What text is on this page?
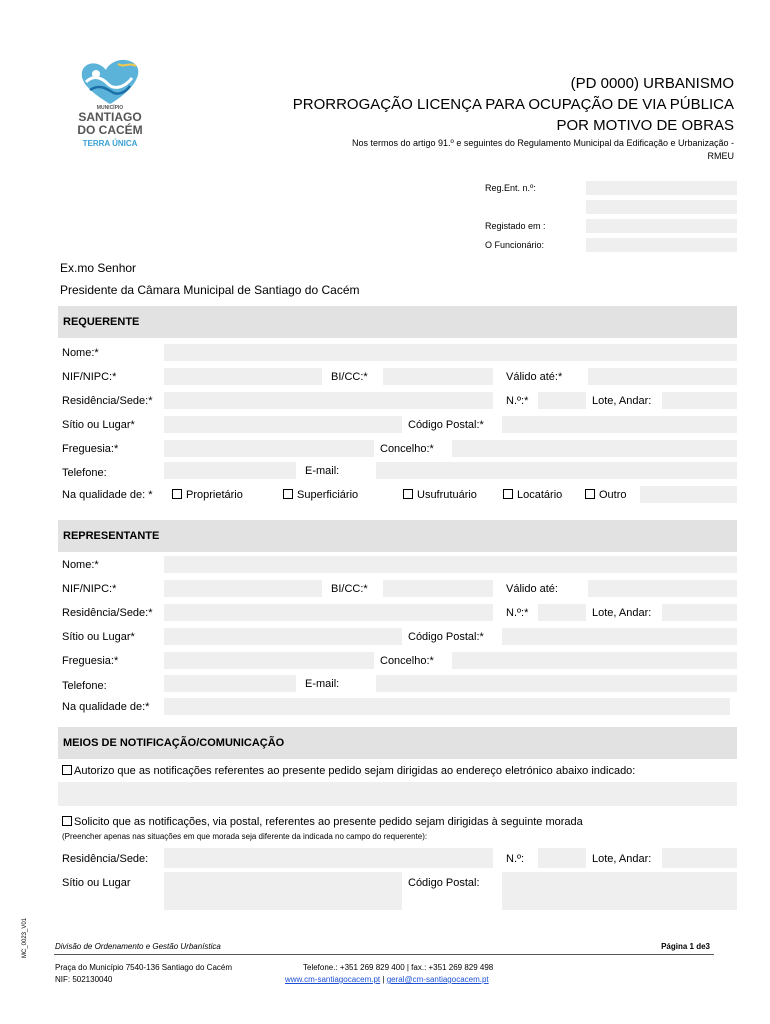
MUNICÍPIO
SANTIAGO
DO CACÉM
TERRA ÚNICA
(PD 0000) URBANISMO
PRORROGAÇÃO LICENÇA PARA OCUPAÇÃO DE VIA PÚBLICA
POR MOTIVO DE OBRAS
Nos termos do artigo 91.º e seguintes do Regulamento Municipal da Edificação e Urbanização -
RMEU
Reg.Ent. n.º:
Registado em :
O Funcionário:
Ex.mo Senhor
Presidente da Câmara Municipal de Santiago do Cacém
REQUERENTE
Nome:*
NIF/NIPC:*	BI/CC:*	Válido até:*
Residência/Sede:*	N.º:*	Lote, Andar:
Sítio ou Lugar*	Código Postal:*
Freguesia:*	Concelho:*
Telefone:	E-mail:
Na qualidade de: *	Proprietário	Superficiário	Usufrutuário	Locatário	Outro
REPRESENTANTE
Nome:*
NIF/NIPC:*	BI/CC:*	Válido até:
Residência/Sede:*	N.º:*	Lote, Andar:
Sítio ou Lugar*	Código Postal:*
Freguesia:*	Concelho:*
Telefone:	E-mail:
Na qualidade de:*
MEIOS DE NOTIFICAÇÃO/COMUNICAÇÃO
Autorizo que as notificações referentes ao presente pedido sejam dirigidas ao endereço eletrónico abaixo indicado:
Solicito que as notificações, via postal, referentes ao presente pedido sejam dirigidas à seguinte morada
(Preencher apenas nas situações em que morada seja diferente da indicada no campo do requerente):
Residência/Sede:	N.º:	Lote, Andar:
Sítio ou Lugar	Código Postal:
MC_0023_V01	Divisão de Ordenamento e Gestão Urbanística	Página 1 de3
Praça do Município 7540-136 Santiago do Cacém
NIF: 502130040
Telefone.: +351 269 829 400 | fax.: +351 269 829 498
www.cm-santiagocacem.pt | geral@cm-santiagocacem.pt
